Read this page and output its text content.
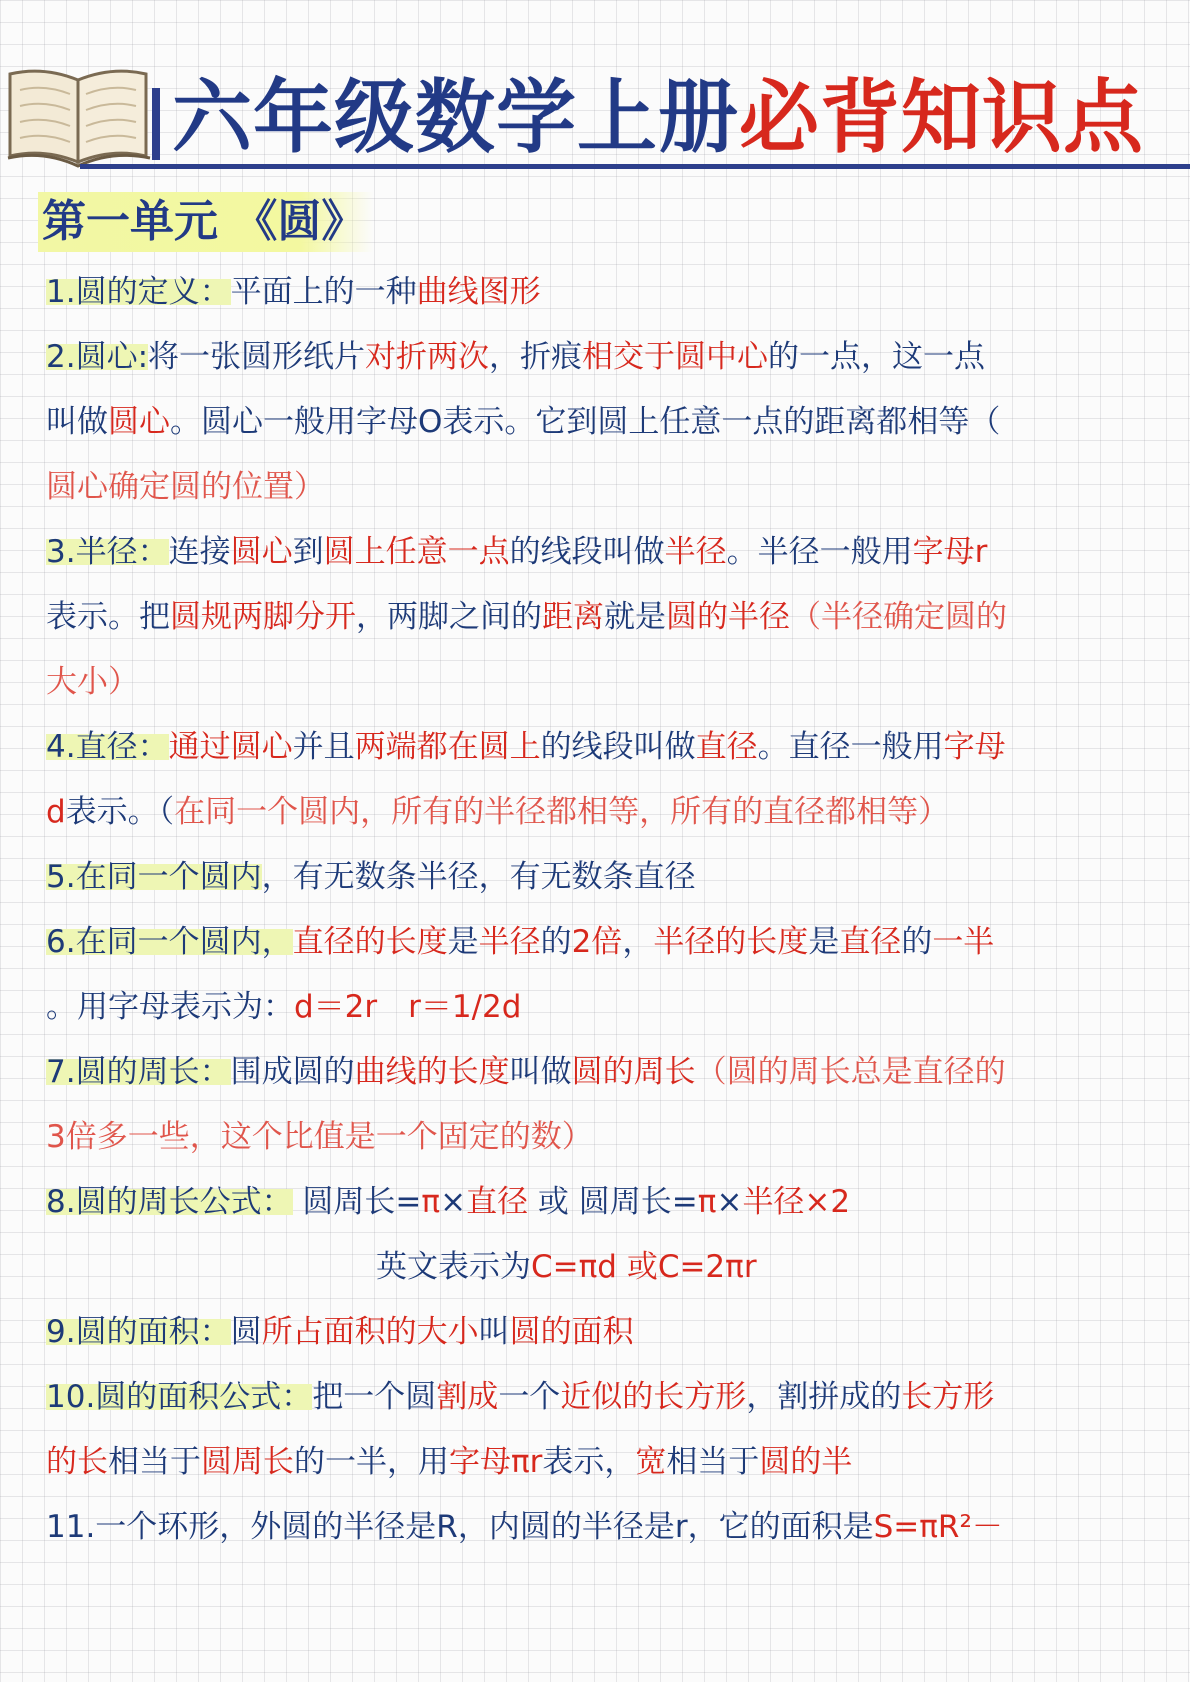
六年级数学上册必背知识点
第一单元 《圆》
1.圆的定义：平面上的一种曲线图形
2.圆心:将一张圆形纸片对折两次，折痕相交于圆中心的一点，这一点
叫做圆心。圆心一般用字母O表示。它到圆上任意一点的距离都相等（
圆心确定圆的位置）
3.半径：连接圆心到圆上任意一点的线段叫做半径。半径一般用字母r
表示。把圆规两脚分开，两脚之间的距离就是圆的半径（半径确定圆的
大小）
4.直径：通过圆心并且两端都在圆上的线段叫做直径。直径一般用字母
d表示。（在同一个圆内，所有的半径都相等，所有的直径都相等）
5.在同一个圆内，有无数条半径，有无数条直径
6.在同一个圆内，直径的长度是半径的2倍，半径的长度是直径的一半
。用字母表示为：d＝2r　r＝1/2d
7.圆的周长：围成圆的曲线的长度叫做圆的周长（圆的周长总是直径的
3倍多一些，这个比值是一个固定的数）
8.圆的周长公式： 圆周长=π×直径 或 圆周长=π×半径×2
英文表示为C=πd 或C=2πr
9.圆的面积：圆所占面积的大小叫圆的面积
10.圆的面积公式：把一个圆割成一个近似的长方形，割拼成的长方形
的长相当于圆周长的一半，用字母πr表示，宽相当于圆的半
11.一个环形，外圆的半径是R，内圆的半径是r，它的面积是S=πR²－
